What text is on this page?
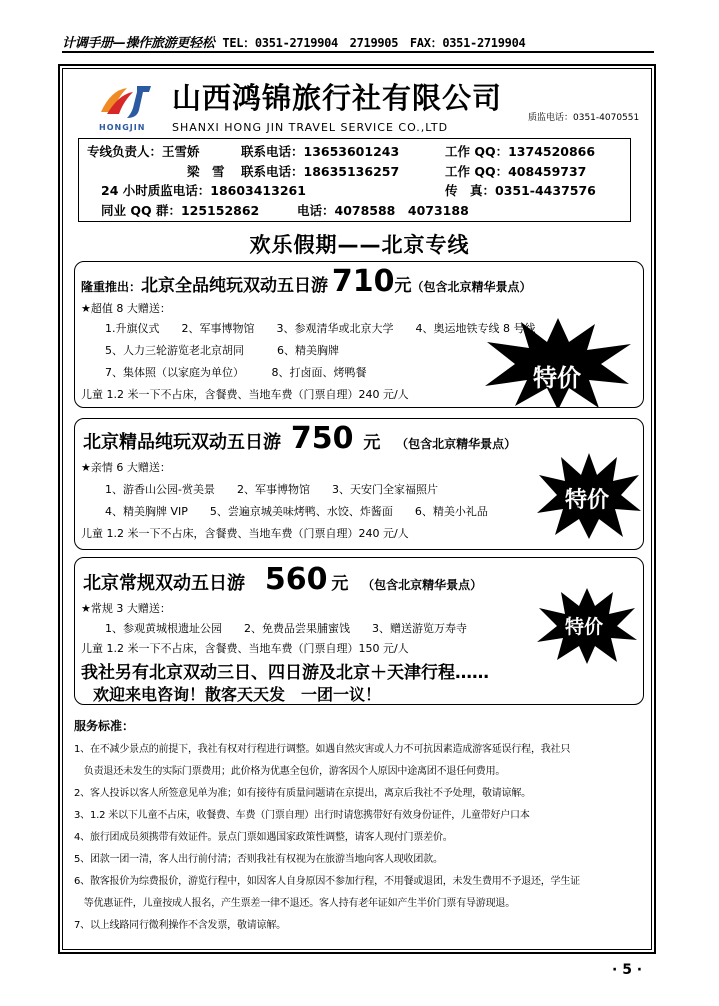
计调手册—操作旅游更轻松 TEL：0351-2719904　2719905　FAX：0351-2719904
HONGJIN
山西鸿锦旅行社有限公司
SHANXI HONG JIN TRAVEL SERVICE CO.,LTD
质监电话：0351-4070551
专线负责人：王雪娇	联系电话：13653601243	工作 QQ：1374520866
梁　雪 联系电话：18635136257	工作 QQ：408459737
24 小时质监电话：18603413261	传　真：0351-4437576
同业 QQ 群：125152862	电话：4078588　4073188
欢乐假期——北京专线
隆重推出：北京全品纯玩双动五日游 710元（包含北京精华景点）
★超值 8 大赠送：
1.升旗仪式　　2、军事博物馆　　3、参观清华或北京大学　　4、奥运地铁专线 8 号线
5、人力三轮游览老北京胡同　　　6、精美胸牌
7、集体照（以家庭为单位）　　　8、打卤面、烤鸭餐
儿童 1.2 米一下不占床，含餐费、当地车费（门票自理）240 元/人
特价
北京精品纯玩双动五日游 750 元 （包含北京精华景点）
★亲情 6 大赠送：
1、游香山公园-赏美景　　2、军事博物馆　　3、天安门全家福照片
4、精美胸牌 VIP　　5、尝遍京城美味烤鸭、水饺、炸酱面　　6、精美小礼品
儿童 1.2 米一下不占床，含餐费、当地车费（门票自理）240 元/人
特价
北京常规双动五日游 560 元 （包含北京精华景点）
★常规 3 大赠送：
1、参观黄城根遗址公园　　2、免费品尝果脯蜜饯　　3、赠送游览万寿寺
儿童 1.2 米一下不占床，含餐费、当地车费（门票自理）150 元/人
我社另有北京双动三日、四日游及北京＋天津行程……
欢迎来电咨询！散客天天发　一团一议！
特价
服务标准：
1、在不减少景点的前提下，我社有权对行程进行调整。如遇自然灾害或人力不可抗因素造成游客延误行程，我社只
　负责退还未发生的实际门票费用；此价格为优惠全包价，游客因个人原因中途离团不退任何费用。
2、客人投诉以客人所签意见单为准；如有接待有质量问题请在京提出，离京后我社不予处理，敬请谅解。
3、1.2 米以下儿童不占床，收餐费、车费（门票自理）出行时请您携带好有效身份证件，儿童带好户口本
4、旅行团成员须携带有效证件。景点门票如遇国家政策性调整，请客人现付门票差价。
5、团款一团一清，客人出行前付清；否则我社有权视为在旅游当地向客人现收团款。
6、散客报价为综费报价，游览行程中，如因客人自身原因不参加行程，不用餐或退团，未发生费用不予退还，学生证
　等优惠证件，儿童按成人报名，产生票差一律不退还。客人持有老年证如产生半价门票有导游现退。
7、以上线路同行微利操作不含发票，敬请谅解。
· 5 ·
